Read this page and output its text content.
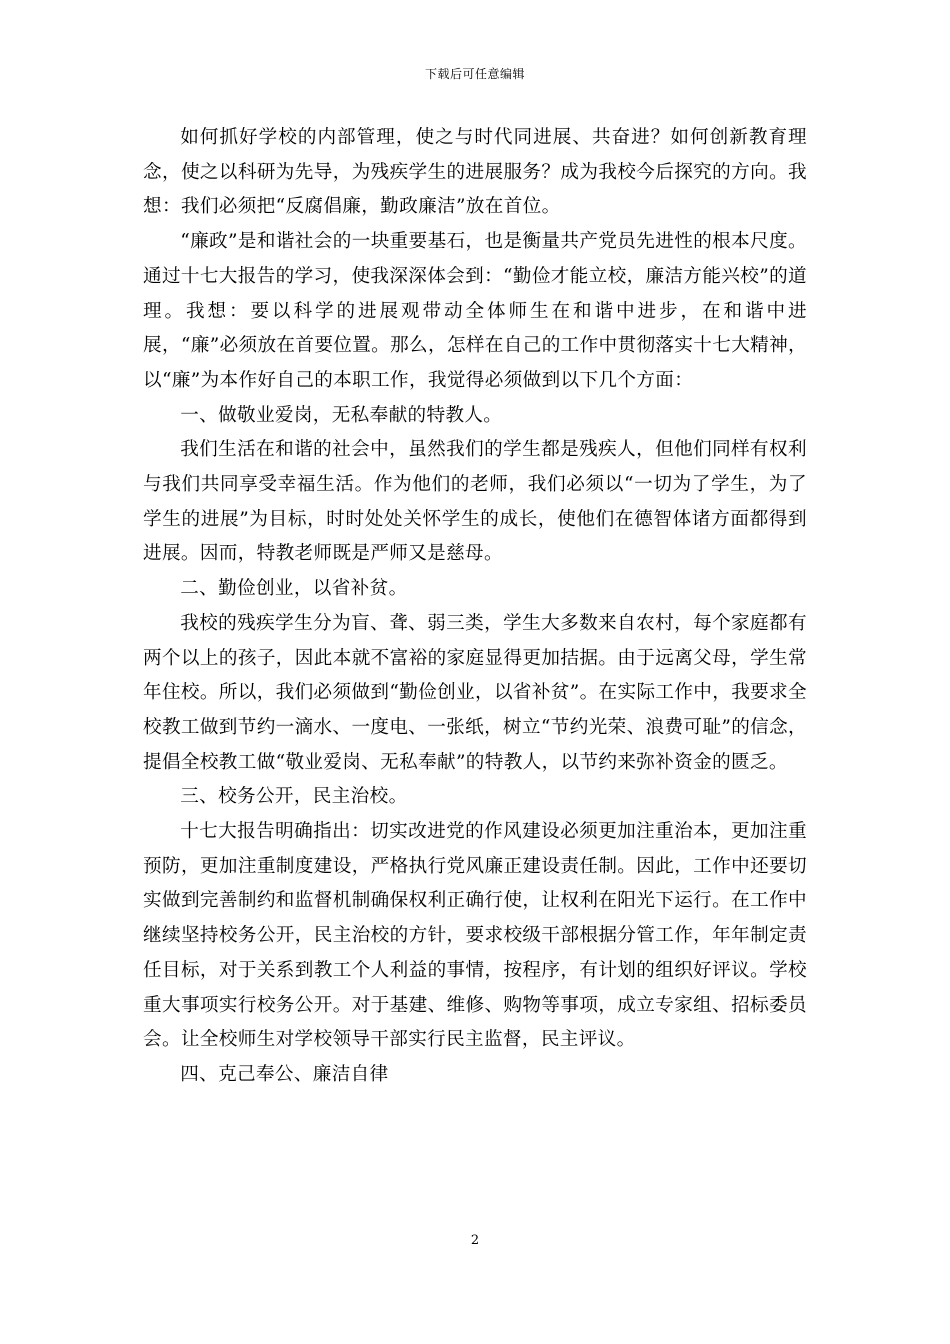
下载后可任意编辑

如何抓好学校的内部管理，使之与时代同进展、共奋进？如何创新教育理念，使之以科研为先导，为残疾学生的进展服务？成为我校今后探究的方向。我想：我们必须把“反腐倡廉，勤政廉洁”放在首位。

“廉政”是和谐社会的一块重要基石，也是衡量共产党员先进性的根本尺度。通过十七大报告的学习，使我深深体会到：“勤俭才能立校，廉洁方能兴校”的道理。我想：要以科学的进展观带动全体师生在和谐中进步，在和谐中进展，“廉”必须放在首要位置。那么，怎样在自己的工作中贯彻落实十七大精神，以“廉”为本作好自己的本职工作，我觉得必须做到以下几个方面：

一、做敬业爱岗，无私奉献的特教人。

我们生活在和谐的社会中，虽然我们的学生都是残疾人，但他们同样有权利与我们共同享受幸福生活。作为他们的老师，我们必须以“一切为了学生，为了学生的进展”为目标，时时处处关怀学生的成长，使他们在德智体诸方面都得到进展。因而，特教老师既是严师又是慈母。

二、勤俭创业，以省补贫。

我校的残疾学生分为盲、聋、弱三类，学生大多数来自农村，每个家庭都有两个以上的孩子，因此本就不富裕的家庭显得更加拮据。由于远离父母，学生常年住校。所以，我们必须做到“勤俭创业，以省补贫”。在实际工作中，我要求全校教工做到节约一滴水、一度电、一张纸，树立“节约光荣、浪费可耻”的信念，提倡全校教工做“敬业爱岗、无私奉献”的特教人，以节约来弥补资金的匮乏。

三、校务公开，民主治校。

十七大报告明确指出：切实改进党的作风建设必须更加注重治本，更加注重预防，更加注重制度建设，严格执行党风廉正建设责任制。因此，工作中还要切实做到完善制约和监督机制确保权利正确行使，让权利在阳光下运行。在工作中继续坚持校务公开，民主治校的方针，要求校级干部根据分管工作，年年制定责任目标，对于关系到教工个人利益的事情，按程序，有计划的组织好评议。学校重大事项实行校务公开。对于基建、维修、购物等事项，成立专家组、招标委员会。让全校师生对学校领导干部实行民主监督，民主评议。

四、克己奉公、廉洁自律

2
